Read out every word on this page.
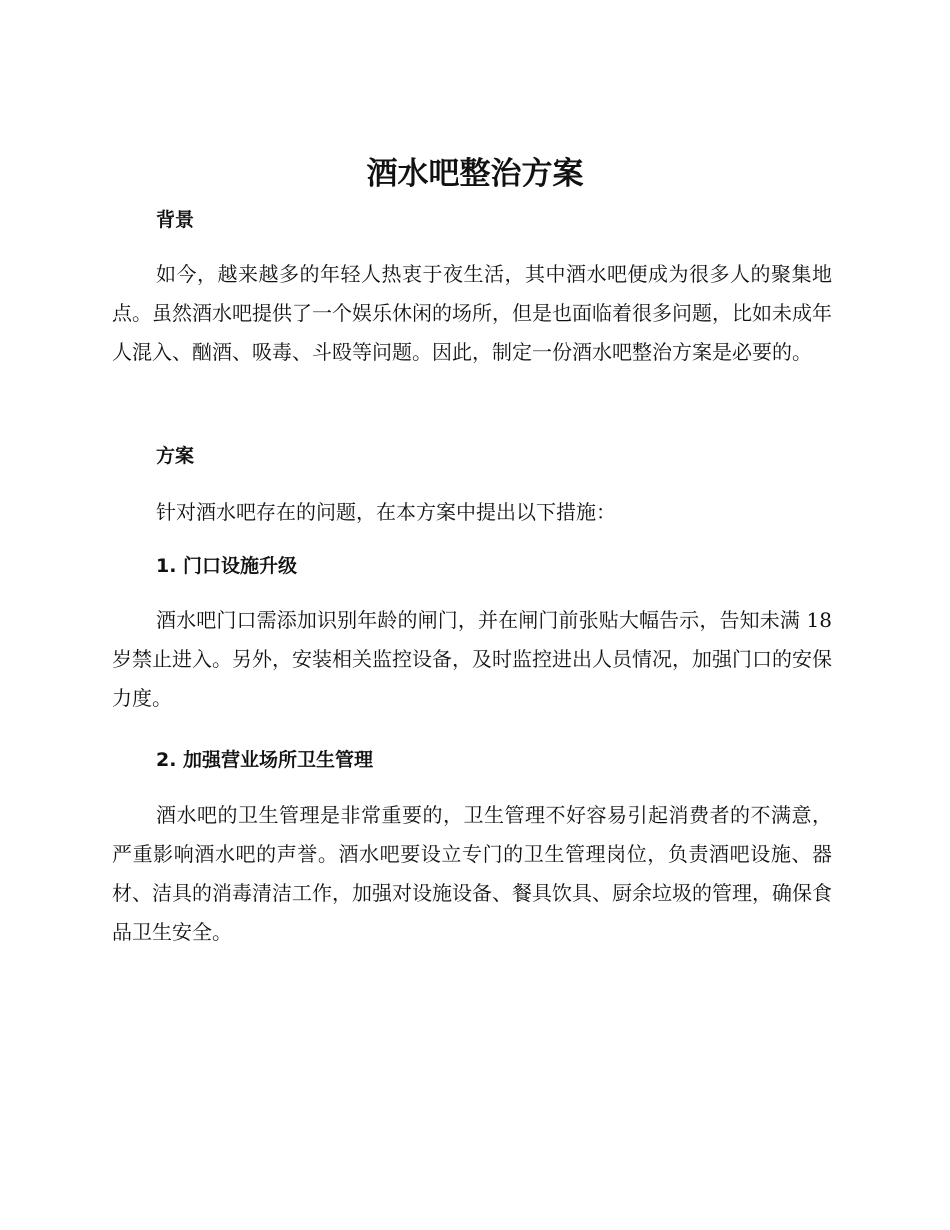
酒水吧整治方案
背景

如今，越来越多的年轻人热衷于夜生活，其中酒水吧便成为很多人的聚集地点。虽然酒水吧提供了一个娱乐休闲的场所，但是也面临着很多问题，比如未成年人混入、酗酒、吸毒、斗殴等问题。因此，制定一份酒水吧整治方案是必要的。

方案

针对酒水吧存在的问题，在本方案中提出以下措施：

1. 门口设施升级

酒水吧门口需添加识别年龄的闸门，并在闸门前张贴大幅告示，告知未满 18 岁禁止进入。另外，安装相关监控设备，及时监控进出人员情况，加强门口的安保力度。

2. 加强营业场所卫生管理

酒水吧的卫生管理是非常重要的，卫生管理不好容易引起消费者的不满意，严重影响酒水吧的声誉。酒水吧要设立专门的卫生管理岗位，负责酒吧设施、器材、洁具的消毒清洁工作，加强对设施设备、餐具饮具、厨余垃圾的管理，确保食品卫生安全。
